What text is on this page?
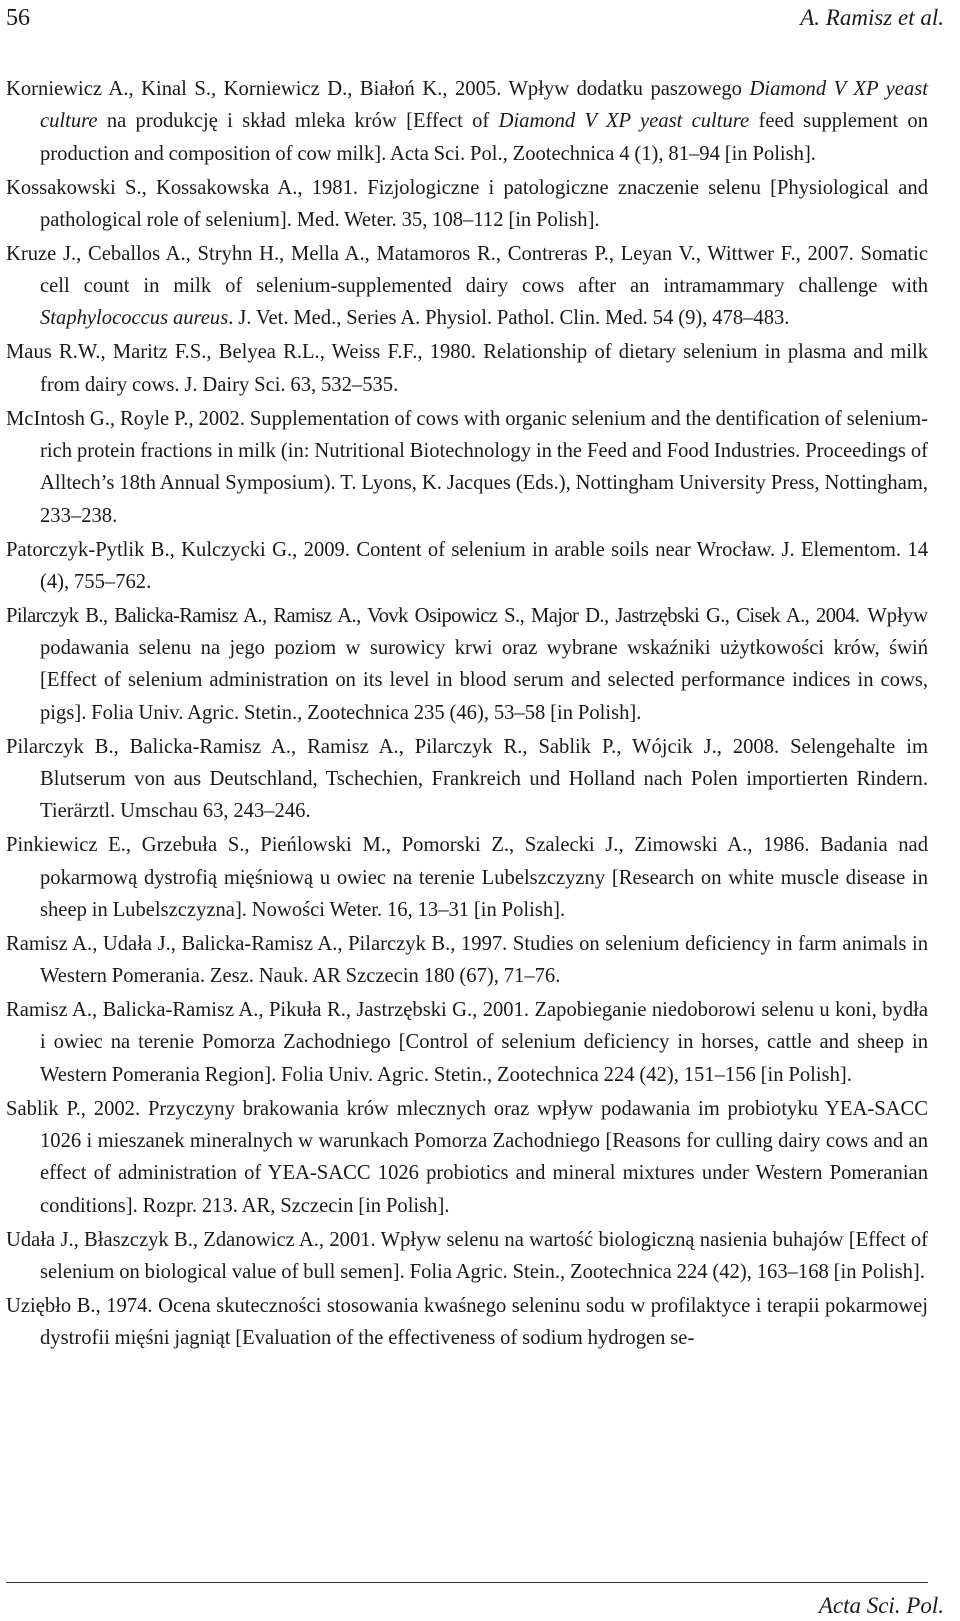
56	A. Ramisz et al.
Korniewicz A., Kinal S., Korniewicz D., Białoń K., 2005. Wpływ dodatku paszowego Diamond V XP yeast culture na produkcję i skład mleka krów [Effect of Diamond V XP yeast culture feed supplement on production and composition of cow milk]. Acta Sci. Pol., Zootechnica 4 (1), 81–94 [in Polish].
Kossakowski S., Kossakowska A., 1981. Fizjologiczne i patologiczne znaczenie selenu [Physiological and pathological role of selenium]. Med. Weter. 35, 108–112 [in Polish].
Kruze J., Ceballos A., Stryhn H., Mella A., Matamoros R., Contreras P., Leyan V., Wittwer F., 2007. Somatic cell count in milk of selenium-supplemented dairy cows after an intramammary challenge with Staphylococcus aureus. J. Vet. Med., Series A. Physiol. Pathol. Clin. Med. 54 (9), 478–483.
Maus R.W., Maritz F.S., Belyea R.L., Weiss F.F., 1980. Relationship of dietary selenium in plasma and milk from dairy cows. J. Dairy Sci. 63, 532–535.
McIntosh G., Royle P., 2002. Supplementation of cows with organic selenium and the dentification of selenium-rich protein fractions in milk (in: Nutritional Biotechnology in the Feed and Food Industries. Proceedings of Alltech’s 18th Annual Symposium). T. Lyons, K. Jacques (Eds.), Nottingham University Press, Nottingham, 233–238.
Patorczyk-Pytlik B., Kulczycki G., 2009. Content of selenium in arable soils near Wrocław. J. Elementom. 14 (4), 755–762.
Pilarczyk B., Balicka-Ramisz A., Ramisz A., Vovk Osipowicz S., Major D., Jastrzębski G., Cisek A., 2004. Wpływ podawania selenu na jego poziom w surowicy krwi oraz wybrane wskaźniki użytkowości krów, świń [Effect of selenium administration on its level in blood serum and selected performance indices in cows, pigs]. Folia Univ. Agric. Stetin., Zootechnica 235 (46), 53–58 [in Polish].
Pilarczyk B., Balicka-Ramisz A., Ramisz A., Pilarczyk R., Sablik P., Wójcik J., 2008. Selengehalte im Blutserum von aus Deutschland, Tschechien, Frankreich und Holland nach Polen importierten Rindern. Tierärztl. Umschau 63, 243–246.
Pinkiewicz E., Grzebuła S., Pieńlowski M., Pomorski Z., Szalecki J., Zimowski A., 1986. Badania nad pokarmową dystrofią mięśniową u owiec na terenie Lubelszczyzny [Research on white muscle disease in sheep in Lubelszczyzna]. Nowości Weter. 16, 13–31 [in Polish].
Ramisz A., Udała J., Balicka-Ramisz A., Pilarczyk B., 1997. Studies on selenium deficiency in farm animals in Western Pomerania. Zesz. Nauk. AR Szczecin 180 (67), 71–76.
Ramisz A., Balicka-Ramisz A., Pikuła R., Jastrzębski G., 2001. Zapobieganie niedoborowi selenu u koni, bydła i owiec na terenie Pomorza Zachodniego [Control of selenium deficiency in horses, cattle and sheep in Western Pomerania Region]. Folia Univ. Agric. Stetin., Zootechnica 224 (42), 151–156 [in Polish].
Sablik P., 2002. Przyczyny brakowania krów mlecznych oraz wpływ podawania im probiotyku YEA-SACC 1026 i mieszanek mineralnych w warunkach Pomorza Zachodniego [Reasons for culling dairy cows and an effect of administration of YEA-SACC 1026 probiotics and mineral mixtures under Western Pomeranian conditions]. Rozpr. 213. AR, Szczecin [in Polish].
Udała J., Błaszczyk B., Zdanowicz A., 2001. Wpływ selenu na wartość biologiczną nasienia buhajów [Effect of selenium on biological value of bull semen]. Folia Agric. Stein., Zootechnica 224 (42), 163–168 [in Polish].
Uziębło B., 1974. Ocena skuteczności stosowania kwaśnego seleninu sodu w profilaktyce i terapii pokarmowej dystrofii mięśni jagniąt [Evaluation of the effectiveness of sodium hydrogen se-
Acta Sci. Pol.
